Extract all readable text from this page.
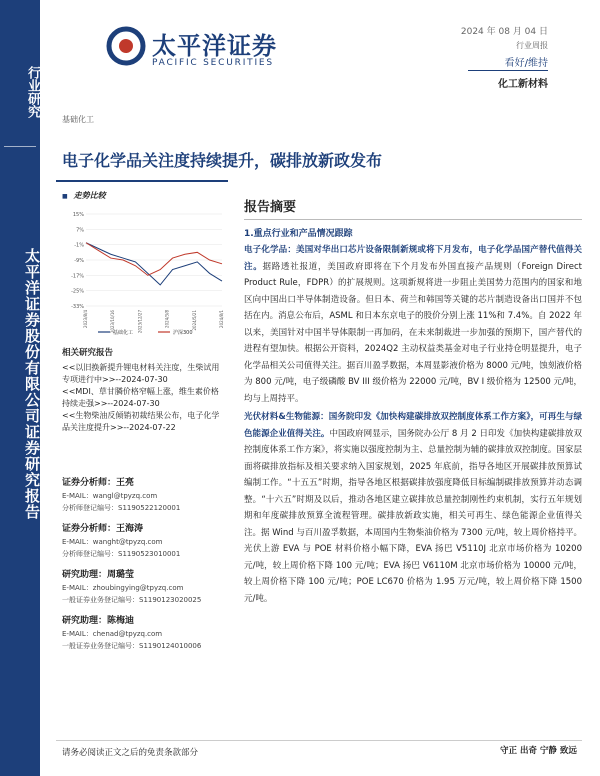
行业研究
太平洋证券股份有限公司证券研究报告
太平洋证券
PACIFIC SECURITIES
2024 年 08 月 04 日
行业周报
看好/维持
化工新材料
基础化工
电子化学品关注度持续提升，碳排放新政发布
■ 走势比较
15%
7%
-1%
-9%
-17%
-25%
-33%
2023/8/4	2023/10/16	2023/12/27	2024/3/8	2024/5/21	2024/8/1
基础化工	沪深300
相关研究报告
<<以旧换新提升锂电材料关注度，生柴试用专项进行中>>--2024-07-30
<<MDI、草甘膦价格窄幅上涨，维生素价格持续走强>>--2024-07-30
<<生物柴油反倾销初裁结果公布，电子化学品关注度提升>>--2024-07-22
证券分析师：王亮
E-MAIL：wangl@tpyzq.com
分析师登记编号：S1190522120001
证券分析师：王海涛
E-MAIL：wanght@tpyzq.com
分析师登记编号：S1190523010001
研究助理：周璐莹
E-MAIL：zhoubingying@tpyzq.com
一般证券业务登记编号：S1190123020025
研究助理：陈梅迪
E-MAIL：chenad@tpyzq.com
一般证券业务登记编号：S1190124010006
报告摘要
1.重点行业和产品情况跟踪

电子化学品：美国对华出口芯片设备限制新规或将下月发布，电子化学品国产替代值得关注。据路透社报道，美国政府即将在下个月发布外国直接产品规则（Foreign Direct Product Rule，FDPR）的扩展规则。这项新规将进一步阻止美国势力范围内的国家和地区向中国出口半导体制造设备。但日本、荷兰和韩国等关键的芯片制造设备出口国并不包括在内。消息公布后，ASML 和日本东京电子的股价分别上涨 11%和 7.4%。自 2022 年以来，美国针对中国半导体限制一再加码，在未来制裁进一步加强的预期下，国产替代的进程有望加快。根据公开资料，2024Q2 主动权益类基金对电子行业持仓明显提升，电子化学品相关公司值得关注。据百川盈孚数据，本周显影液价格为 8000 元/吨，蚀刻液价格为 800 元/吨，电子级磷酸 BV III 级价格为 22000 元/吨，BV I 级价格为 12500 元/吨，均与上周持平。

光伏材料&生物能源：国务院印发《加快构建碳排放双控制度体系工作方案》，可再生与绿色能源企业值得关注。中国政府网显示，国务院办公厅 8 月 2 日印发《加快构建碳排放双控制度体系工作方案》，将实施以强度控制为主、总量控制为辅的碳排放双控制度。国家层面将碳排放指标及相关要求纳入国家规划，2025 年底前，指导各地区开展碳排放预算试编制工作。“十五五”时期，指导各地区根据碳排放强度降低目标编制碳排放预算并动态调整。“十六五”时期及以后，推动各地区建立碳排放总量控制刚性约束机制，实行五年规划期和年度碳排放预算全流程管理。碳排放新政实施，相关可再生、绿色能源企业值得关注。据 Wind 与百川盈孚数据，本周国内生物柴油价格为 7300 元/吨，较上周价格持平。光伏上游 EVA 与 POE 材料价格小幅下降，EVA 扬巴 V5110J 北京市场价格为 10200 元/吨，较上周价格下降 100 元/吨；EVA 扬巴 V6110M 北京市场价格为 10000 元/吨，较上周价格下降 100 元/吨；POE LC670 价格为 1.95 万元/吨，较上周价格下降 1500 元/吨。

请务必阅读正文之后的免责条款部分	守正 出奇 宁静 致远
